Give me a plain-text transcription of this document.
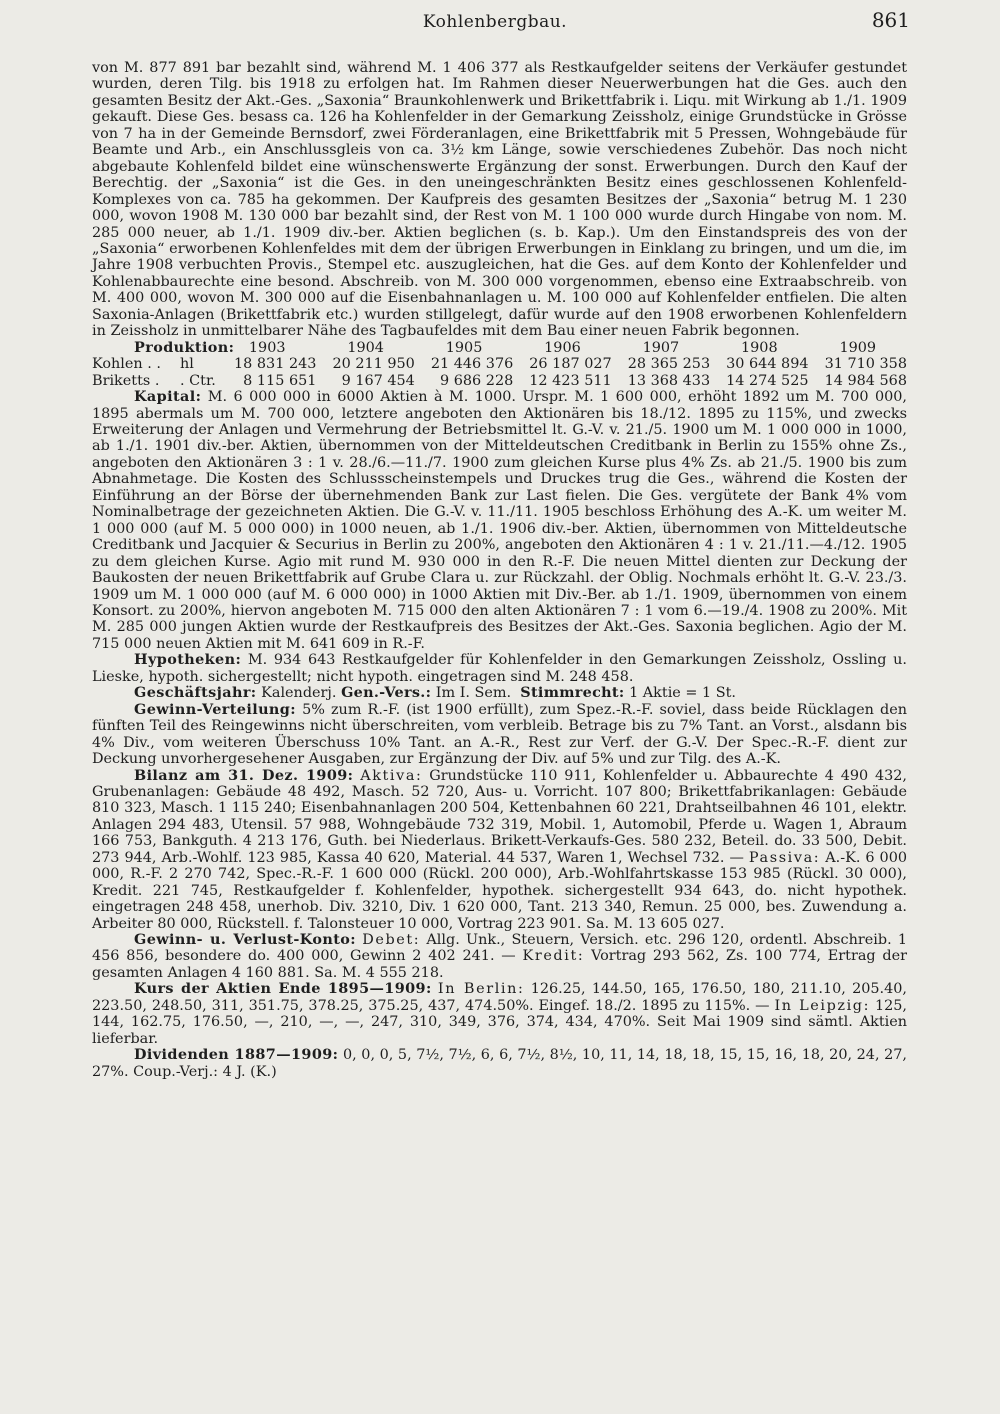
Kohlenbergbau.	861

von M. 877 891 bar bezahlt sind, während M. 1 406 377 als Restkaufgelder seitens der Verkäufer gestundet wurden, deren Tilg. bis 1918 zu erfolgen hat. Im Rahmen dieser Neuerwerbungen hat die Ges. auch den gesamten Besitz der Akt.-Ges. „Saxonia“ Braunkohlenwerk und Brikettfabrik i. Liqu. mit Wirkung ab 1./1. 1909 gekauft. Diese Ges. besass ca. 126 ha Kohlenfelder in der Gemarkung Zeissholz, einige Grundstücke in Grösse von 7 ha in der Gemeinde Bernsdorf, zwei Förderanlagen, eine Brikettfabrik mit 5 Pressen, Wohngebäude für Beamte und Arb., ein Anschlussgleis von ca. 3½ km Länge, sowie verschiedenes Zubehör. Das noch nicht abgebaute Kohlenfeld bildet eine wünschenswerte Ergänzung der sonst. Erwerbungen. Durch den Kauf der Berechtig. der „Saxonia“ ist die Ges. in den uneingeschränkten Besitz eines geschlossenen Kohlenfeld-Komplexes von ca. 785 ha gekommen. Der Kaufpreis des gesamten Besitzes der „Saxonia“ betrug M. 1 230 000, wovon 1908 M. 130 000 bar bezahlt sind, der Rest von M. 1 100 000 wurde durch Hingabe von nom. M. 285 000 neuer, ab 1./1. 1909 div.-ber. Aktien beglichen (s. b. Kap.). Um den Einstandspreis des von der „Saxonia“ erworbenen Kohlenfeldes mit dem der übrigen Erwerbungen in Einklang zu bringen, und um die, im Jahre 1908 verbuchten Provis., Stempel etc. auszugleichen, hat die Ges. auf dem Konto der Kohlenfelder und Kohlenabbaurechte eine besond. Abschreib. von M. 300 000 vorgenommen, ebenso eine Extraabschreib. von M. 400 000, wovon M. 300 000 auf die Eisenbahnanlagen u. M. 100 000 auf Kohlenfelder entfielen. Die alten Saxonia-Anlagen (Brikettfabrik etc.) wurden stillgelegt, dafür wurde auf den 1908 erworbenen Kohlenfeldern in Zeissholz in unmittelbarer Nähe des Tagbaufeldes mit dem Bau einer neuen Fabrik begonnen.

Produktion:

			1903	1904	1905	1906	1907	1908	1909
Kohlen . .	hl	18 831 243	20 211 950	21 446 376	26 187 027	28 365 253	30 644 894	31 710 358
Briketts .	. Ctr.	8 115 651	9 167 454	9 686 228	12 423 511	13 368 433	14 274 525	14 984 568

Kapital: M. 6 000 000 in 6000 Aktien à M. 1000. Urspr. M. 1 600 000, erhöht 1892 um M. 700 000, 1895 abermals um M. 700 000, letztere angeboten den Aktionären bis 18./12. 1895 zu 115%, und zwecks Erweiterung der Anlagen und Vermehrung der Betriebsmittel lt. G.-V. v. 21./5. 1900 um M. 1 000 000 in 1000, ab 1./1. 1901 div.-ber. Aktien, übernommen von der Mitteldeutschen Creditbank in Berlin zu 155% ohne Zs., angeboten den Aktionären 3 : 1 v. 28./6.—11./7. 1900 zum gleichen Kurse plus 4% Zs. ab 21./5. 1900 bis zum Abnahmetage. Die Kosten des Schlussscheinstempels und Druckes trug die Ges., während die Kosten der Einführung an der Börse der übernehmenden Bank zur Last fielen. Die Ges. vergütete der Bank 4% vom Nominalbetrage der gezeichneten Aktien. Die G.-V. v. 11./11. 1905 beschloss Erhöhung des A.-K. um weiter M. 1 000 000 (auf M. 5 000 000) in 1000 neuen, ab 1./1. 1906 div.-ber. Aktien, übernommen von Mitteldeutsche Creditbank und Jacquier & Securius in Berlin zu 200%, angeboten den Aktionären 4 : 1 v. 21./11.—4./12. 1905 zu dem gleichen Kurse. Agio mit rund M. 930 000 in den R.-F. Die neuen Mittel dienten zur Deckung der Baukosten der neuen Brikettfabrik auf Grube Clara u. zur Rückzahl. der Oblig. Nochmals erhöht lt. G.-V. 23./3. 1909 um M. 1 000 000 (auf M. 6 000 000) in 1000 Aktien mit Div.-Ber. ab 1./1. 1909, übernommen von einem Konsort. zu 200%, hiervon angeboten M. 715 000 den alten Aktionären 7 : 1 vom 6.—19./4. 1908 zu 200%. Mit M. 285 000 jungen Aktien wurde der Restkaufpreis des Besitzes der Akt.-Ges. Saxonia beglichen. Agio der M. 715 000 neuen Aktien mit M. 641 609 in R.-F.

Hypotheken: M. 934 643 Restkaufgelder für Kohlenfelder in den Gemarkungen Zeissholz, Ossling u. Lieske, hypoth. sichergestellt; nicht hypoth. eingetragen sind M. 248 458.

Geschäftsjahr: Kalenderj. Gen.-Vers.: Im I. Sem. Stimmrecht: 1 Aktie = 1 St.

Gewinn-Verteilung: 5% zum R.-F. (ist 1900 erfüllt), zum Spez.-R.-F. soviel, dass beide Rücklagen den fünften Teil des Reingewinns nicht überschreiten, vom verbleib. Betrage bis zu 7% Tant. an Vorst., alsdann bis 4% Div., vom weiteren Überschuss 10% Tant. an A.-R., Rest zur Verf. der G.-V. Der Spec.-R.-F. dient zur Deckung unvorhergesehener Ausgaben, zur Ergänzung der Div. auf 5% und zur Tilg. des A.-K.

Bilanz am 31. Dez. 1909: Aktiva: Grundstücke 110 911, Kohlenfelder u. Abbaurechte 4 490 432, Grubenanlagen: Gebäude 48 492, Masch. 52 720, Aus- u. Vorricht. 107 800; Brikettfabrikanlagen: Gebäude 810 323, Masch. 1 115 240; Eisenbahnanlagen 200 504, Kettenbahnen 60 221, Drahtseilbahnen 46 101, elektr. Anlagen 294 483, Utensil. 57 988, Wohngebäude 732 319, Mobil. 1, Automobil, Pferde u. Wagen 1, Abraum 166 753, Bankguth. 4 213 176, Guth. bei Niederlaus. Brikett-Verkaufs-Ges. 580 232, Beteil. do. 33 500, Debit. 273 944, Arb.-Wohlf. 123 985, Kassa 40 620, Material. 44 537, Waren 1, Wechsel 732. — Passiva: A.-K. 6 000 000, R.-F. 2 270 742, Spec.-R.-F. 1 600 000 (Rückl. 200 000), Arb.-Wohlfahrtskasse 153 985 (Rückl. 30 000), Kredit. 221 745, Restkaufgelder f. Kohlenfelder, hypothek. sichergestellt 934 643, do. nicht hypothek. eingetragen 248 458, unerhob. Div. 3210, Div. 1 620 000, Tant. 213 340, Remun. 25 000, bes. Zuwendung a. Arbeiter 80 000, Rückstell. f. Talonsteuer 10 000, Vortrag 223 901. Sa. M. 13 605 027.

Gewinn- u. Verlust-Konto: Debet: Allg. Unk., Steuern, Versich. etc. 296 120, ordentl. Abschreib. 1 456 856, besondere do. 400 000, Gewinn 2 402 241. — Kredit: Vortrag 293 562, Zs. 100 774, Ertrag der gesamten Anlagen 4 160 881. Sa. M. 4 555 218.

Kurs der Aktien Ende 1895—1909: In Berlin: 126.25, 144.50, 165, 176.50, 180, 211.10, 205.40, 223.50, 248.50, 311, 351.75, 378.25, 375.25, 437, 474.50%. Eingef. 18./2. 1895 zu 115%. — In Leipzig: 125, 144, 162.75, 176.50, —, 210, —, —, 247, 310, 349, 376, 374, 434, 470%. Seit Mai 1909 sind sämtl. Aktien lieferbar.

Dividenden 1887—1909: 0, 0, 0, 5, 7½, 7½, 6, 6, 7½, 8½, 10, 11, 14, 18, 18, 15, 15, 16, 18, 20, 24, 27, 27%. Coup.-Verj.: 4 J. (K.)
